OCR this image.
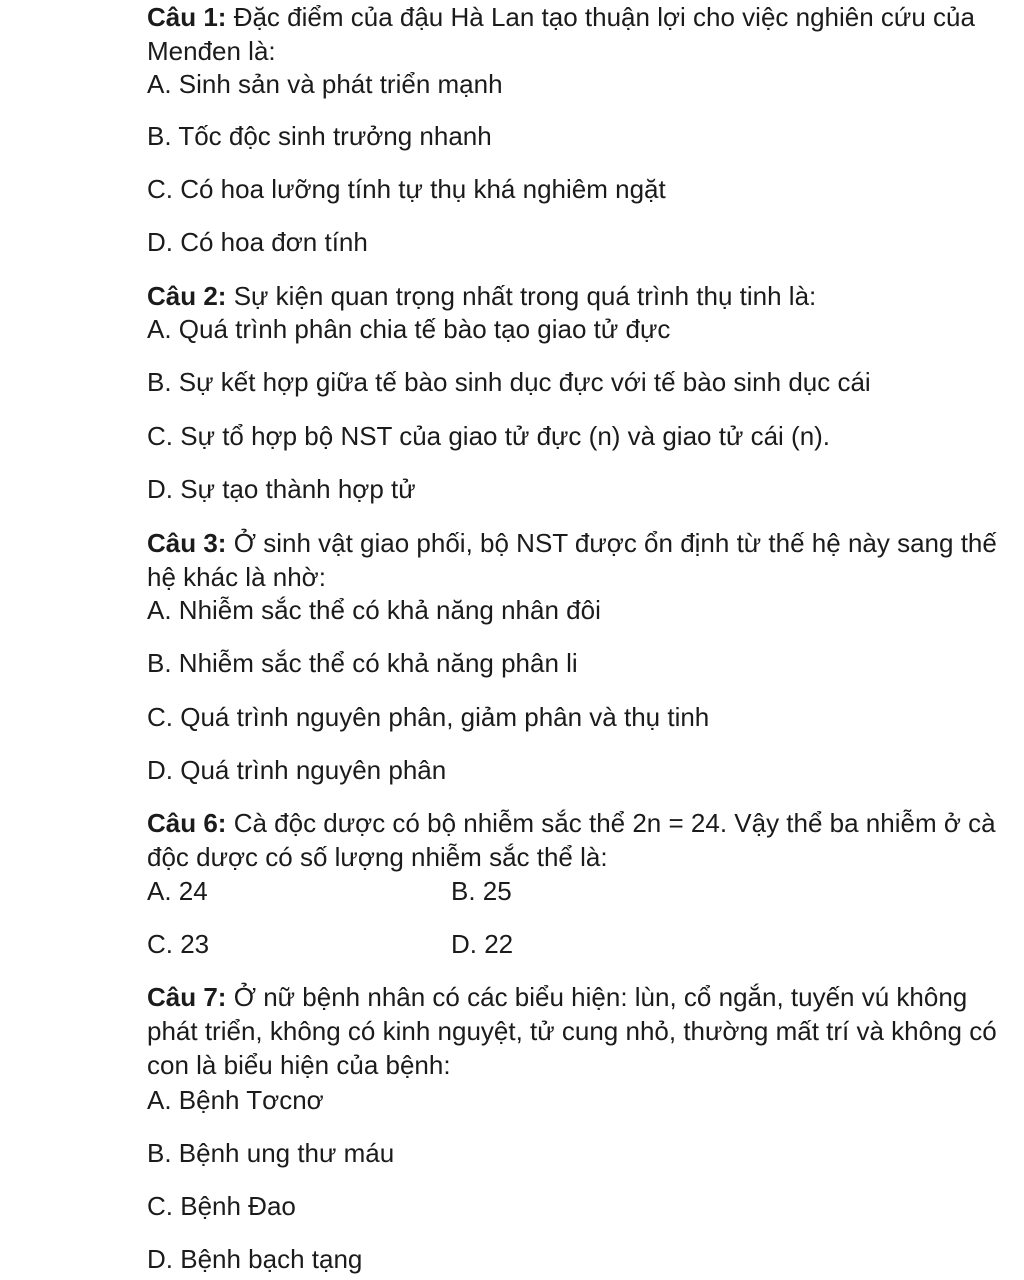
Câu 1: Đặc điểm của đậu Hà Lan tạo thuận lợi cho việc nghiên cứu của Menđen là:

A. Sinh sản và phát triển mạnh

B. Tốc độc sinh trưởng nhanh

C. Có hoa lưỡng tính tự thụ khá nghiêm ngặt

D. Có hoa đơn tính

Câu 2: Sự kiện quan trọng nhất trong quá trình thụ tinh là:

A. Quá trình phân chia tế bào tạo giao tử đực

B. Sự kết hợp giữa tế bào sinh dục đực với tế bào sinh dục cái

C. Sự tổ hợp bộ NST của giao tử đực (n) và giao tử cái (n).

D. Sự tạo thành hợp tử

Câu 3: Ở sinh vật giao phối, bộ NST được ổn định từ thế hệ này sang thế hệ khác là nhờ:

A. Nhiễm sắc thể có khả năng nhân đôi

B. Nhiễm sắc thể có khả năng phân li

C. Quá trình nguyên phân, giảm phân và thụ tinh

D. Quá trình nguyên phân

Câu 6: Cà độc dược có bộ nhiễm sắc thể 2n = 24. Vậy thể ba nhiễm ở cà độc dược có số lượng nhiễm sắc thể là:

A. 24	B. 25

C. 23	D. 22

Câu 7: Ở nữ bệnh nhân có các biểu hiện: lùn, cổ ngắn, tuyến vú không phát triển, không có kinh nguyệt, tử cung nhỏ, thường mất trí và không có con là biểu hiện của bệnh:

A. Bệnh Tơcnơ

B. Bệnh ung thư máu

C. Bệnh Đao

D. Bệnh bạch tạng
